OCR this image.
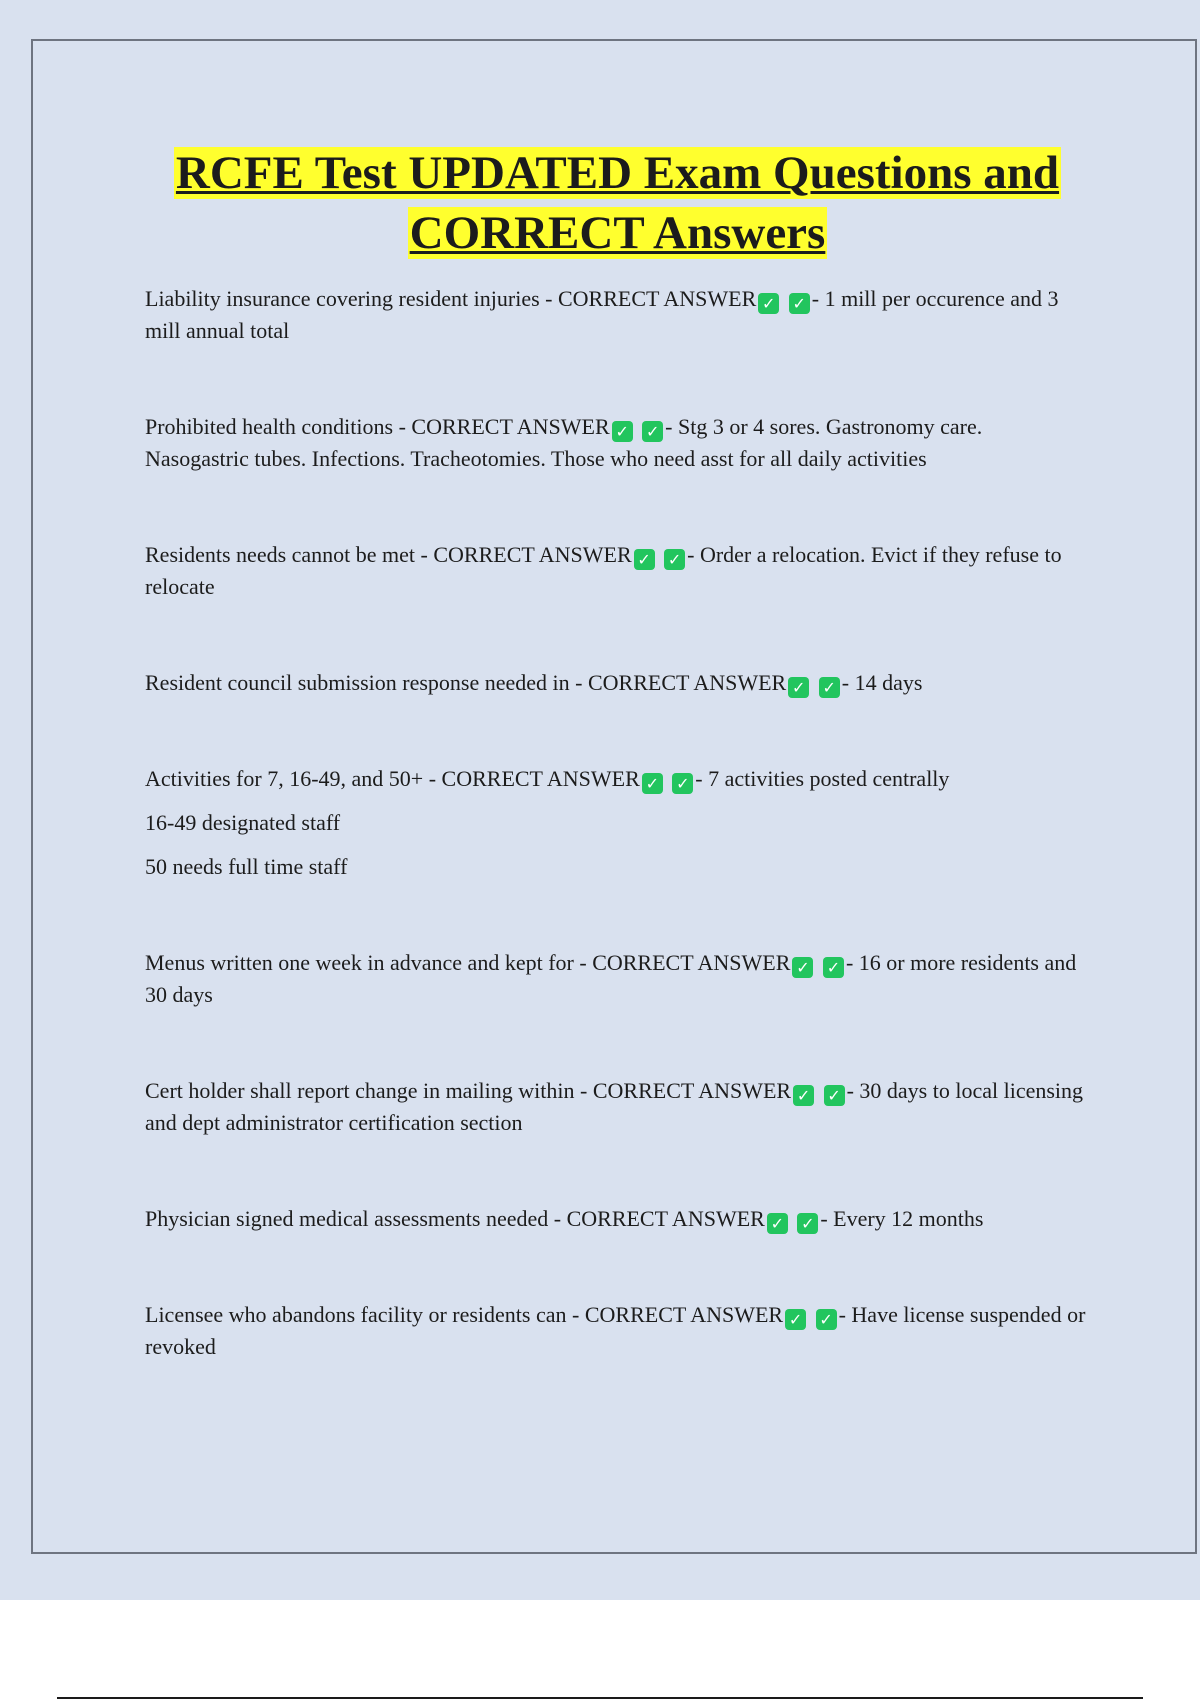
RCFE Test UPDATED Exam Questions and CORRECT Answers

Liability insurance covering resident injuries - CORRECT ANSWER ✓ ✓ - 1 mill per occurence and 3 mill annual total

Prohibited health conditions - CORRECT ANSWER ✓ ✓ - Stg 3 or 4 sores. Gastronomy care. Nasogastric tubes. Infections. Tracheotomies. Those who need asst for all daily activities

Residents needs cannot be met - CORRECT ANSWER ✓ ✓ - Order a relocation. Evict if they refuse to relocate

Resident council submission response needed in - CORRECT ANSWER ✓ ✓ - 14 days

Activities for 7, 16-49, and 50+ - CORRECT ANSWER ✓ ✓ - 7 activities posted centrally

16-49 designated staff

50 needs full time staff

Menus written one week in advance and kept for - CORRECT ANSWER ✓ ✓ - 16 or more residents and 30 days

Cert holder shall report change in mailing within - CORRECT ANSWER ✓ ✓ - 30 days to local licensing and dept administrator certification section

Physician signed medical assessments needed - CORRECT ANSWER ✓ ✓ - Every 12 months

Licensee who abandons facility or residents can - CORRECT ANSWER ✓ ✓ - Have license suspended or revoked
